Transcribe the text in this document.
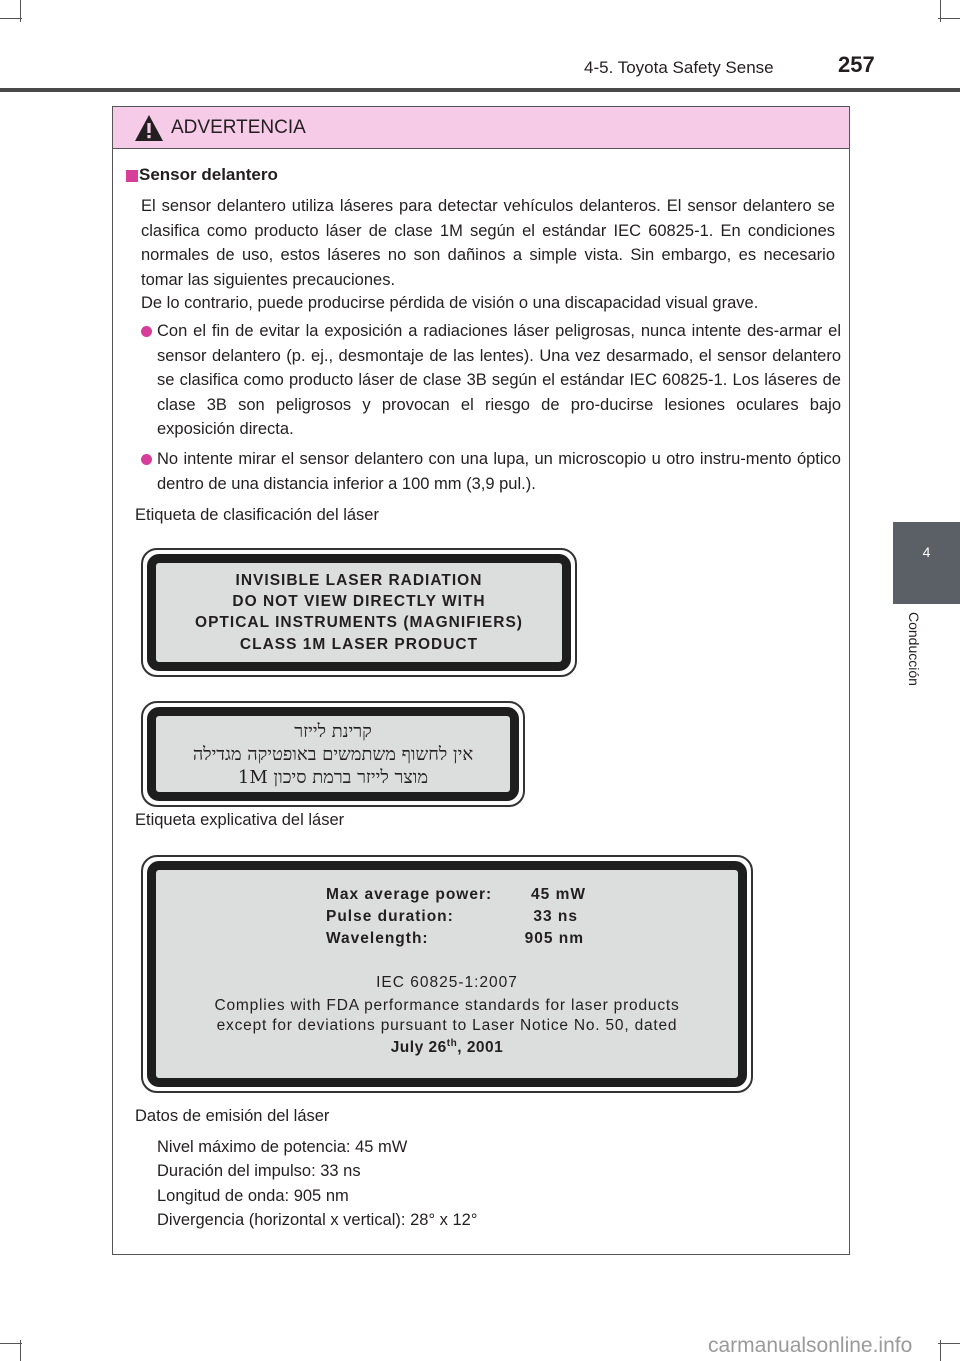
4-5. Toyota Safety Sense	257
4
Conducción
ADVERTENCIA
Sensor delantero
El sensor delantero utiliza láseres para detectar vehículos delanteros. El sensor delantero se clasifica como producto láser de clase 1M según el estándar IEC 60825-1. En condiciones normales de uso, estos láseres no son dañinos a simple vista. Sin embargo, es necesario tomar las siguientes precauciones.
De lo contrario, puede producirse pérdida de visión o una discapacidad visual grave.
Con el fin de evitar la exposición a radiaciones láser peligrosas, nunca intente des-armar el sensor delantero (p. ej., desmontaje de las lentes). Una vez desarmado, el sensor delantero se clasifica como producto láser de clase 3B según el estándar IEC 60825-1. Los láseres de clase 3B son peligrosos y provocan el riesgo de pro-ducirse lesiones oculares bajo exposición directa.
No intente mirar el sensor delantero con una lupa, un microscopio u otro instru-mento óptico dentro de una distancia inferior a 100 mm (3,9 pul.).
Etiqueta de clasificación del láser
INVISIBLE LASER RADIATION
DO NOT VIEW DIRECTLY WITH
OPTICAL INSTRUMENTS (MAGNIFIERS)
CLASS 1M LASER PRODUCT
קרינת לייזר
אין לחשוף משתמשים באופטיקה מגדילה
מוצר לייזר ברמת סיכון 1M
Etiqueta explicativa del láser
Max average power:	45 mW
Pulse duration:	33 ns
Wavelength:	905 nm
IEC 60825-1:2007
Complies with FDA performance standards for laser products
except for deviations pursuant to Laser Notice No. 50, dated
July 26th, 2001
Datos de emisión del láser
Nivel máximo de potencia: 45 mW
Duración del impulso: 33 ns
Longitud de onda: 905 nm
Divergencia (horizontal x vertical): 28° x 12°
carmanualsonline.info
